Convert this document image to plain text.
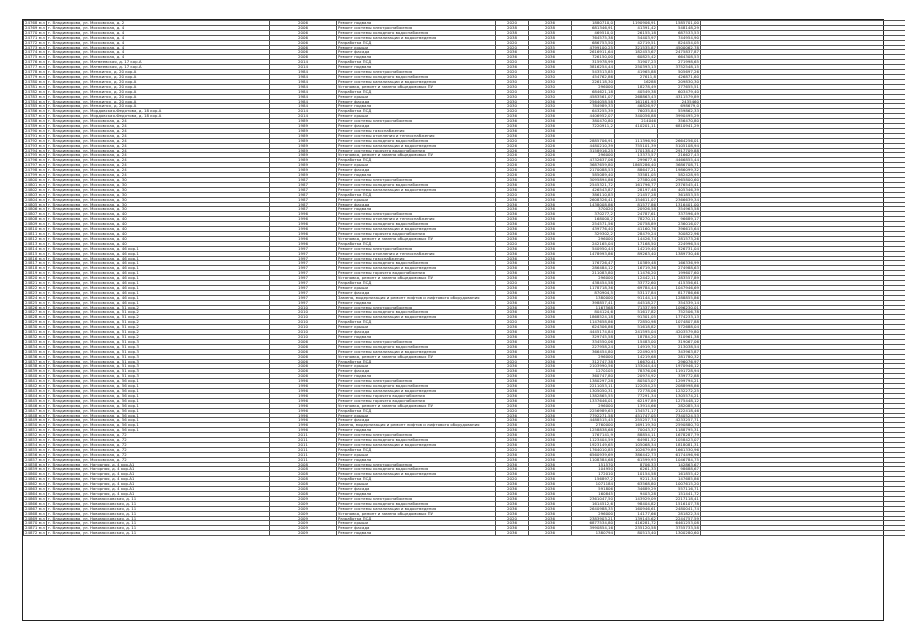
24768 м.з	г. Владимирова, ул. Московская, д. 2	2006	Ремонт подвала	2020	2036	1880710,0	1190906,91	1585701,00	
24769 м.з	г. Владимирова, ул. Московская, д. 4	2006	Ремонт системы электроснабжения	2038	2038	681346,91	41391,42	548148,29	
24770 м.з	г. Владимирова, ул. Московская, д. 4	2006	Ремонт системы холодного водоснабжения	2038	2038	469510,0	26155,18	687533,53	
24771 м.з	г. Владимирова, ул. Московская, д. 4	2006	Ремонт системы канализации и водоотведения	2038	2038	764575,38	54403,97	744954,90	
24772 м.з	г. Владимирова, ул. Московская, д. 4	2006	Разработка ПСД	2020	2036	686753,50	42719,51	824454,05	
24773 м.з	г. Владимирова, ул. Московская, д. 4	2006	Ремонт крыши	2020	2035	4799100,25	321535,87	4500062,78	
24774 м.з	г. Владимирова, ул. Московская, д. 4	2006	Ремонт фасада	2036	2036	2616911,64	182453,67	2475837,87	
24775 м.з	г. Владимирова, ул. Московская, д. 4	2006	Ремонт подвала	2036	2036	726150,00	60825,42	664308,53	
24776 м.з	г. Владимирова, ул. Матвеевская, д. 17 кор.А	2014	Разработка ПСД	2020	2036	315978,99	31907,23	271998,65	
24777 м.з	г. Владимирова, ул. Матвеевская, д. 17 кор.А	2014	Ремонт подвала	2036	2036	3816254,44	250393,13	3752548,15	
24778 м.з	г. Владимирова, ул. Менжинск, д. 20 кор.А	1984	Ремонт системы электроснабжения	2020	2030	543513,85	41965,88	505697,26	
24779 м.з	г. Владимирова, ул. Менжинск, д. 20 кор.А	1984	Ремонт системы холодного водоснабжения	2030	2030	454762,86	27611,8	426871,60	
24780 м.з	г. Владимирова, ул. Менжинск, д. 20 кор.А	1984	Ремонт системы канализации и водоотведения	2030	2030	226118,30	16288	209830,30	
24781 м.з	г. Владимирова, ул. Менжинск, д. 20 кор.А	1984	Установка, ремонт и замена общедомовых ПУ	2030	2030	296000	18278,49	277655,51	
24782 м.з	г. Владимирова, ул. Менжинск, д. 20 кор.А	1984	Разработка ПСД	2020	2030	684621,18	40549,38	603479,40	
24783 м.з	г. Владимирова, ул. Менжинск, д. 20 кор.А	1984	Ремонт крыши	2030	2030	4583561,07	268863,43	4311579,89	
24784 м.з	г. Владимирова, ул. Менжинск, д. 20 кор.А	1984	Ремонт фасада	2030	2036	2564058,58	161161,93	2435460	
24785 м.з	г. Владимирова, ул. Менжинск, д. 20 кор.А	1984	Ремонт подвала	2030	2030	784989,33	46826,97	698679,0	
24786 м.з	г. Владимирова, ул. Мордовская-Федотова, д. 18 кор.А	2014	Разработка ПСД	2020	2036	643255,39	76035,84	559862,33	
24787 м.з	г. Владимирова, ул. Мордовская-Федотова, д. 18 кор.А	2014	Ремонт крыши	2036	2036	4406952,07	340056,88	3990495,29	
24788 м.з	г. Владимирова, ул. Московская, д. 24	1989	Ремонт системы электроснабжения	2036	2036	380470,80	214046	356470,80	
24789 м.з	г. Владимирова, ул. Московская, д. 24	1989	Ремонт фасада	2036	2036	7220911,2	410201,11	6810941,29	
24790 м.з	г. Владимирова, ул. Московская, д. 24	1989	Ремонт системы газоснабжения	2036	2036				
24791 м.з	г. Владимирова, ул. Московская, д. 24	1989	Ремонт системы отопления и теплоснабжения	2036	2036				
24792 м.з	г. Владимирова, ул. Московская, д. 24	1989	Ремонт системы холодного водоснабжения	2020	2026	2885706,91	111396,90	2664256,01	
24793 м.з	г. Владимирова, ул. Московская, д. 24	1989	Ремонт системы канализации и водоотведения	2026	2026	4480210,39	755101,39	5105108,94	
24794 м.з	г. Владимирова, ул. Московская, д. 24	1989	Ремонт системы горячего водоснабжения	2026	2026	3158916,25	170138,47	2917709,88	
24795 м.з	г. Владимирова, ул. Московская, д. 24	1989	Установка, ремонт и замена общедомовых ПУ	2026	2026	296000	13373,57	216627,43	
24796 м.з	г. Владимирова, ул. Московская, д. 24	1989	Разработка ПСД	2020	2026	4732637,06	299677,6	4466855,44	
24797 м.з	г. Владимирова, ул. Московская, д. 24	1989	Ремонт крыши	2026	2026	3687659,80	1865286,40	3686708,71	
24798 м.з	г. Владимирова, ул. Московская, д. 24	1989	Ремонт фасада	2026	2026	2170088,53	88647,21	1986099,32	
24799 м.з	г. Владимирова, ул. Московская, д. 24	1989	Ремонт подвала	2026	2026	585089,40	33581,05	582428,95	
24800 м.з	г. Владимирова, ул. Московская, д. 30	1987	Ремонт системы электроснабжения	2036	2036	3095894,86	27580,08	2965800,60	
24801 м.з	г. Владимирова, ул. Московская, д. 30	1987	Ремонт системы холодного водоснабжения	2036	2036	2545321,72	161796,77	2376545,41	
24802 м.з	г. Владимирова, ул. Московская, д. 30	1987	Ремонт системы канализации и водоотведения	2036	2036	426543,87	28197,48	405346,39	
24803 м.з	г. Владимирова, ул. Московская, д. 30	1987	Разработка ПСД	2020	2036	386110,83	21457,28	361853,55	
24804 м.з	г. Владимирова, ул. Московская, д. 30	1987	Ремонт крыши	2036	2036	2608326,41	154611,07	2366639,34	
24805 м.з	г. Владимирова, ул. Московская, д. 30	1987	Ремонт фасада	2036	2036	1438008,86	81577,86	1316401,00	
24806 м.з	г. Владимирова, ул. Московская, д. 30	1987	Ремонт подвала	2036	2036	370020	20926,58	354963,58	
24807 м.з	г. Владимирова, ул. Московская, д. 40	1996	Ремонт системы электроснабжения	2036	2036	370277,2	24787,61	337596,49	
24808 м.з	г. Владимирова, ул. Московская, д. 40	1996	Ремонт системы отопления и теплоснабжения	2036	2036	168000,2	78270,11	96689,17	
24809 м.з	г. Владимирова, ул. Московская, д. 40	1996	Ремонт системы холодного водоснабжения	2036	2036	254571,56	20758,89	236016,07	
24810 м.з	г. Владимирова, ул. Московская, д. 40	1996	Ремонт системы канализации и водоотведения	2036	2036	439776,40	41160,76	396615,64	
24811 м.з	г. Владимирова, ул. Московская, д. 40	1996	Ремонт системы горячего водоснабжения	2036	2036	329302,2	28479,24	300822,96	
24812 м.з	г. Владимирова, ул. Московская, д. 40	1996	Установка, ремонт и замена общедомовых ПУ	2036	2036	296000	14426,74	281573,26	
24813 м.з	г. Владимирова, ул. Московская, д. 40	1996	Разработка ПСД	2020	2036	242165,04	17168,50	224996,54	
24814 м.з	г. Владимирова, ул. Московская, д. 46 кор.1	1997	Ремонт системы электроснабжения	2036	2036	540950,44	14219,40	526731,04	
24815 м.з	г. Владимирова, ул. Московская, д. 46 кор.1	1997	Ремонт системы отопления и теплоснабжения	2036	2036	1478993,86	89263,40	1389730,46	
24816 м.з	г. Владимирова, ул. Московская, д. 46 кор.1	1997	Ремонт системы газоснабжения	2036	2036				
24817 м.з	г. Владимирова, ул. Московская, д. 46 кор.1	1997	Ремонт системы холодного водоснабжения	2036	2036	176726,47	10389,48	166336,99	
24818 м.з	г. Владимирова, ул. Московская, д. 46 кор.1	1997	Ремонт системы канализации и водоотведения	2036	2036	286484,12	16719,36	274988,63	
24819 м.з	г. Владимирова, ул. Московская, д. 46 кор.1	1997	Ремонт системы горячего водоснабжения	2036	2036	211083,80	11476,20	199607,60	
24820 м.з	г. Владимирова, ул. Московская, д. 46 кор.1	1997	Установка, ремонт и замена общедомовых ПУ	2036	2036	296000	12442,11	283557,89	
24821 м.з	г. Владимирова, ул. Московская, д. 46 кор.1	1997	Разработка ПСД	2020	2036	438454,58	33772,60	415356,61	
24822 м.з	г. Владимирова, ул. Московская, д. 46 кор.1	1997	Ремонт крыши	2036	2036	1178718,36	69784,44	1047946,69	
24823 м.з	г. Владимирова, ул. Московская, д. 46 кор.1	1997	Ремонт фасада	2036	2036	870904,5	53117,84	817786,66	
24824 м.з	г. Владимирова, ул. Московская, д. 46 кор.1	1997	Замена, модернизация и ремонт лифтов и лифтового оборудования	2036	2036	1380000	91144,14	1288855,86	
24825 м.з	г. Владимирова, ул. Московская, д. 46 кор.1	1997	Ремонт подвала	2036	2036	398857,41	44518,27	354339,14	
24826 м.з	г. Владимирова, ул. Московская, д. 51 кор.2	2010	Ремонт системы электроснабжения	2036	2036	1167568	71337,99	1096230,01	
24827 м.з	г. Владимирова, ул. Московская, д. 51 кор.2	2010	Ремонт системы холодного водоснабжения	2036	2036	804124,6	51617,82	752506,78	
24828 м.з	г. Владимирова, ул. Московская, д. 51 кор.2	2010	Ремонт системы канализации и водоотведения	2036	2036	1868524,18	91301,05	1774233,13	
24829 м.з	г. Владимирова, ул. Московская, д. 51 кор.2	2010	Разработка ПСД	2020	2036	1147658,86	72850,98	1074807,88	
24830 м.з	г. Владимирова, ул. Московская, д. 51 кор.2	2010	Ремонт крыши	2036	2036	624306,86	51618,82	572688,04	
24831 м.з	г. Владимирова, ул. Московская, д. 51 кор.2	2010	Ремонт фасада	2036	2036	4445174,84	241595,04	4203579,80	
24832 м.з	г. Владимирова, ул. Московская, д. 51 кор.2	2010	Ремонт подвала	2036	2036	329745,58	18784,20	310961,38	
24833 м.з	г. Владимирова, ул. Московская, д. 51 кор.3	2006	Ремонт системы электроснабжения	2036	2036	334550,06	15483,00	319067,06	
24834 м.з	г. Владимирова, ул. Московская, д. 51 кор.3	2006	Ремонт системы холодного водоснабжения	2036	2036	227958,24	14919,70	213038,54	
24835 м.з	г. Владимирова, ул. Московская, д. 51 кор.3	2006	Ремонт системы канализации и водоотведения	2036	2036	366454,80	22490,93	343963,87	
24836 м.з	г. Владимирова, ул. Московская, д. 51 кор.3	2006	Установка, ремонт и замена общедомовых ПУ	2036	2036	296000	14219,68	281780,32	
24837 м.з	г. Владимирова, ул. Московская, д. 51 кор.3	2006	Разработка ПСД	2020	2036	312747,38	16670,41	296076,97	
24838 м.з	г. Владимирова, ул. Московская, д. 51 кор.3	2006	Ремонт крыши	2036	2036	2103990,56	133044,44	1970946,12	
24839 м.з	г. Владимирова, ул. Московская, д. 51 кор.3	2006	Ремонт фасада	2036	2036	1270105	78376,06	1191728,94	
24840 м.з	г. Владимирова, ул. Московская, д. 51 кор.3	2006	Ремонт подвала	2036	2036	360747,80	20974,92	339772,88	
24841 м.з	г. Владимирова, ул. Московская, д. 56 кор.1	1996	Ремонт системы электроснабжения	2036	2036	1380297,28	80503,07	1299794,21	
24842 м.з	г. Владимирова, ул. Московская, д. 56 кор.1	1996	Ремонт системы холодного водоснабжения	2036	2036	2211053,11	122054,25	2088998,86	
24843 м.з	г. Владимирова, ул. Московская, д. 56 кор.1	1996	Ремонт системы канализации и водоотведения	2036	2036	1305050,31	72778,06	1232272,25	
24844 м.з	г. Владимирова, ул. Московская, д. 56 кор.1	1996	Ремонт системы горячего водоснабжения	2036	2036	1382865,55	77291,34	1305574,21	
24845 м.з	г. Владимирова, ул. Московская, д. 56 кор.1	1996	Ремонт системы горячего водоснабжения	2036	2036	1337646,01	62197,89	1275448,12	
24846 м.з	г. Владимирова, ул. Московская, д. 56 кор.1	1996	Установка, ремонт и замена общедомовых ПУ	2036	2036	296000	13914,66	282085,34	
24847 м.з	г. Владимирова, ул. Московская, д. 56 кор.1	1996	Разработка ПСД	2020	2036	2256989,63	134571,17	2122418,46	
24848 м.з	г. Владимирова, ул. Московская, д. 56 кор.1	1996	Ремонт крыши	2036	2036	7792271,58	451747,05	7340524,53	
24849 м.з	г. Владимирова, ул. Московская, д. 56 кор.1	1996	Ремонт фасада	2036	2036	4488515,45	255257,74	4233257,71	
24850 м.з	г. Владимирова, ул. Московская, д. 56 кор.1	1996	Замена, модернизация и ремонт лифтов и лифтового оборудования	2036	2036	2760000	169119,30	2590880,70	
24851 м.з	г. Владимирова, ул. Московская, д. 56 кор.1	1996	Ремонт подвала	2036	2036	1258838,68	70043,37	1188795,31	
24852 м.з	г. Владимирова, ул. Московская, д. 72	2011	Ремонт системы электроснабжения	2036	2036	1767141,9	88854,11	1678287,79	
24853 м.з	г. Владимирова, ул. Московская, д. 72	2011	Ремонт системы холодного водоснабжения	2036	2036	1123404,59	64981,52	1058423,07	
24854 м.з	г. Владимирова, ул. Московская, д. 72	2011	Ремонт системы канализации и водоотведения	2036	2036	1923149,65	105068,34	1818081,31	
24855 м.з	г. Владимирова, ул. Московская, д. 72	2011	Разработка ПСД	2020	2036	1764010,85	102679,89	1661330,96	
24856 м.з	г. Владимирова, ул. Московская, д. 72	2011	Ремонт крыши	2036	2036	6560939,69	386442,73	6174496,96	
24857 м.з	г. Владимирова, ул. Московская, д. 72	2011	Ремонт подвала	2036	2036	1108384,68	61599,93	1046784,75	
24858 м.з	г. Владимирова, ул. Нагорная, д. 4 кор.А1	2008	Ремонт системы электроснабжения	2036	2036	151570	8706,33	142863,67	
24859 м.з	г. Владимирова, ул. Нагорная, д. 4 кор.А1	2008	Ремонт системы холодного водоснабжения	2036	2036	104950	6261,33	98688,67	
24860 м.з	г. Владимирова, ул. Нагорная, д. 4 кор.А1	2008	Ремонт системы канализации и водоотведения	2036	2036	172010	10154,58	161855,42	
24861 м.з	г. Владимирова, ул. Нагорная, д. 4 кор.А1	2008	Разработка ПСД	2020	2036	156897,2	9211,34	147685,86	
24862 м.з	г. Владимирова, ул. Нагорная, д. 4 кор.А1	2008	Ремонт крыши	2036	2036	1071184	63568,80	1007615,20	
24863 м.з	г. Владимирова, ул. Нагорная, д. 4 кор.А1	2008	Ремонт фасада	2036	2036	591806	34689,29	557116,71	
24864 м.з	г. Владимирова, ул. Нагорная, д. 4 кор.А1	2008	Ремонт подвала	2036	2036	160845	9403,28	151441,72	
24865 м.з	г. Владимирова, ул. Новомосковская, д. 11	2009	Ремонт системы электроснабжения	2036	2036	2361047,50	143929,09	2217118,41	
24866 м.з	г. Владимирова, ул. Новомосковская, д. 11	2009	Ремонт системы холодного водоснабжения	2036	2036	1614512,6	98404,82	1516107,78	
24867 м.з	г. Владимирова, ул. Новомосковская, д. 11	2009	Ремонт системы канализации и водоотведения	2036	2036	2640988,35	160946,61	2480041,74	
24868 м.з	г. Владимирова, ул. Новомосковская, д. 11	2009	Установка, ремонт и замена общедомовых ПУ	2036	2036	296000	14177,66	281822,34	
24869 м.з	г. Владимирова, ул. Новомосковская, д. 11	2009	Разработка ПСД	2020	2036	2383903,21	139145,62	2244757,59	
24870 м.з	г. Владимирова, ул. Новомосковская, д. 11	2009	Ремонт крыши	2036	2036	6877534,80	416281,72	6461253,08	
24871 м.з	г. Владимирова, ул. Новомосковская, д. 11	2009	Ремонт фасада	2036	2036	3990854,16	235120,58	3755733,58	
24872 м.з	г. Владимирова, ул. Новомосковская, д. 11	2009	Ремонт подвала	2036	2036	1380794	80513,40	1300280,60	
